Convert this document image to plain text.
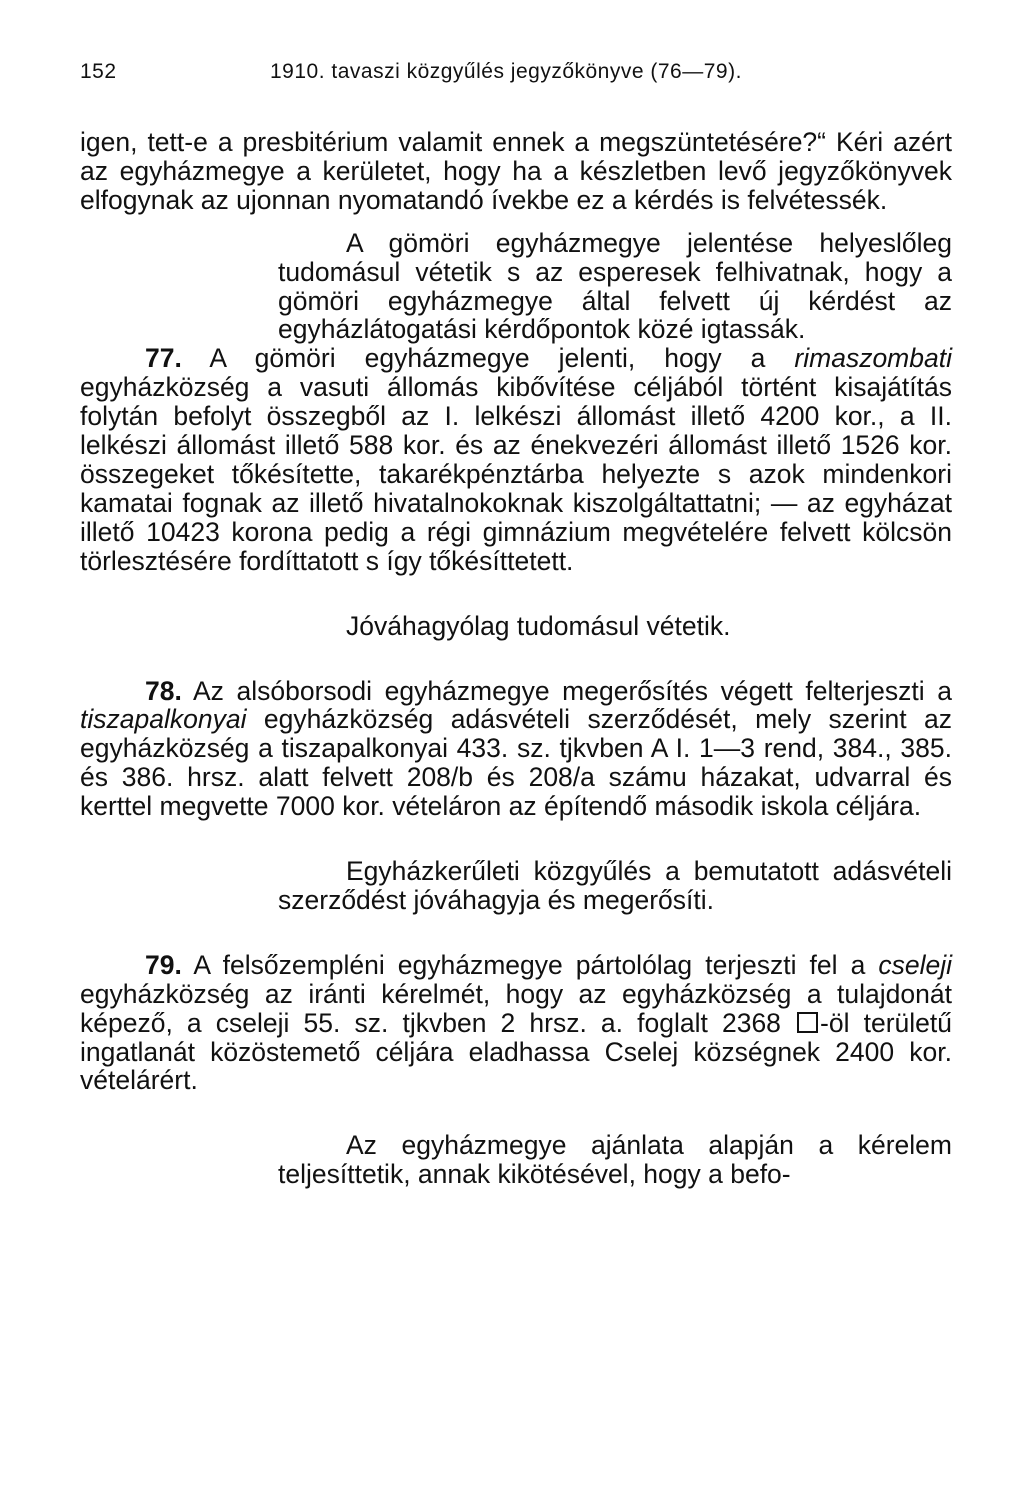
152	1910. tavaszi közgyűlés jegyzőkönyve (76—79).

igen, tett-e a presbitérium valamit ennek a megszüntetésére?“ Kéri azért az egyházmegye a kerületet, hogy ha a készletben levő jegyzőkönyvek elfogynak az ujonnan nyomatandó ívekbe ez a kérdés is felvétessék.

A gömöri egyházmegye jelentése helyeslőleg tudomásul vétetik s az esperesek felhivatnak, hogy a gömöri egyházmegye által felvett új kérdést az egyházlátogatási kérdőpontok közé igtassák.

77. A gömöri egyházmegye jelenti, hogy a rimaszombati egyházközség a vasuti állomás kibővítése céljából történt kisajátítás folytán befolyt összegből az I. lelkészi állomást illető 4200 kor., a II. lelkészi állomást illető 588 kor. és az énekvezéri állomást illető 1526 kor. összegeket tőkésítette, takarékpénztárba helyezte s azok mindenkori kamatai fognak az illető hivatalnokoknak kiszolgáltattatni; — az egyházat illető 10423 korona pedig a régi gimnázium megvételére felvett kölcsön törlesztésére fordíttatott s így tőkésíttetett.

Jóváhagyólag tudomásul vétetik.

78. Az alsóborsodi egyházmegye megerősítés végett felterjeszti a tiszapalkonyai egyházközség adásvételi szerződését, mely szerint az egyházközség a tiszapalkonyai 433. sz. tjkvben A I. 1—3 rend, 384., 385. és 386. hrsz. alatt felvett 208/b és 208/a számu házakat, udvarral és kerttel megvette 7000 kor. vételáron az építendő második iskola céljára.

Egyházkerűleti közgyűlés a bemutatott adásvételi szerződést jóváhagyja és megerősíti.

79. A felsőzempléni egyházmegye pártolólag terjeszti fel a cseleji egyházközség az iránti kérelmét, hogy az egyházközség a tulajdonát képező, a cseleji 55. sz. tjkvben 2 hrsz. a. foglalt 2368 -öl területű ingatlanát közöstemető céljára eladhassa Cselej községnek 2400 kor. vételárért.

Az egyházmegye ajánlata alapján a kérelem teljesíttetik, annak kikötésével, hogy a befo-
